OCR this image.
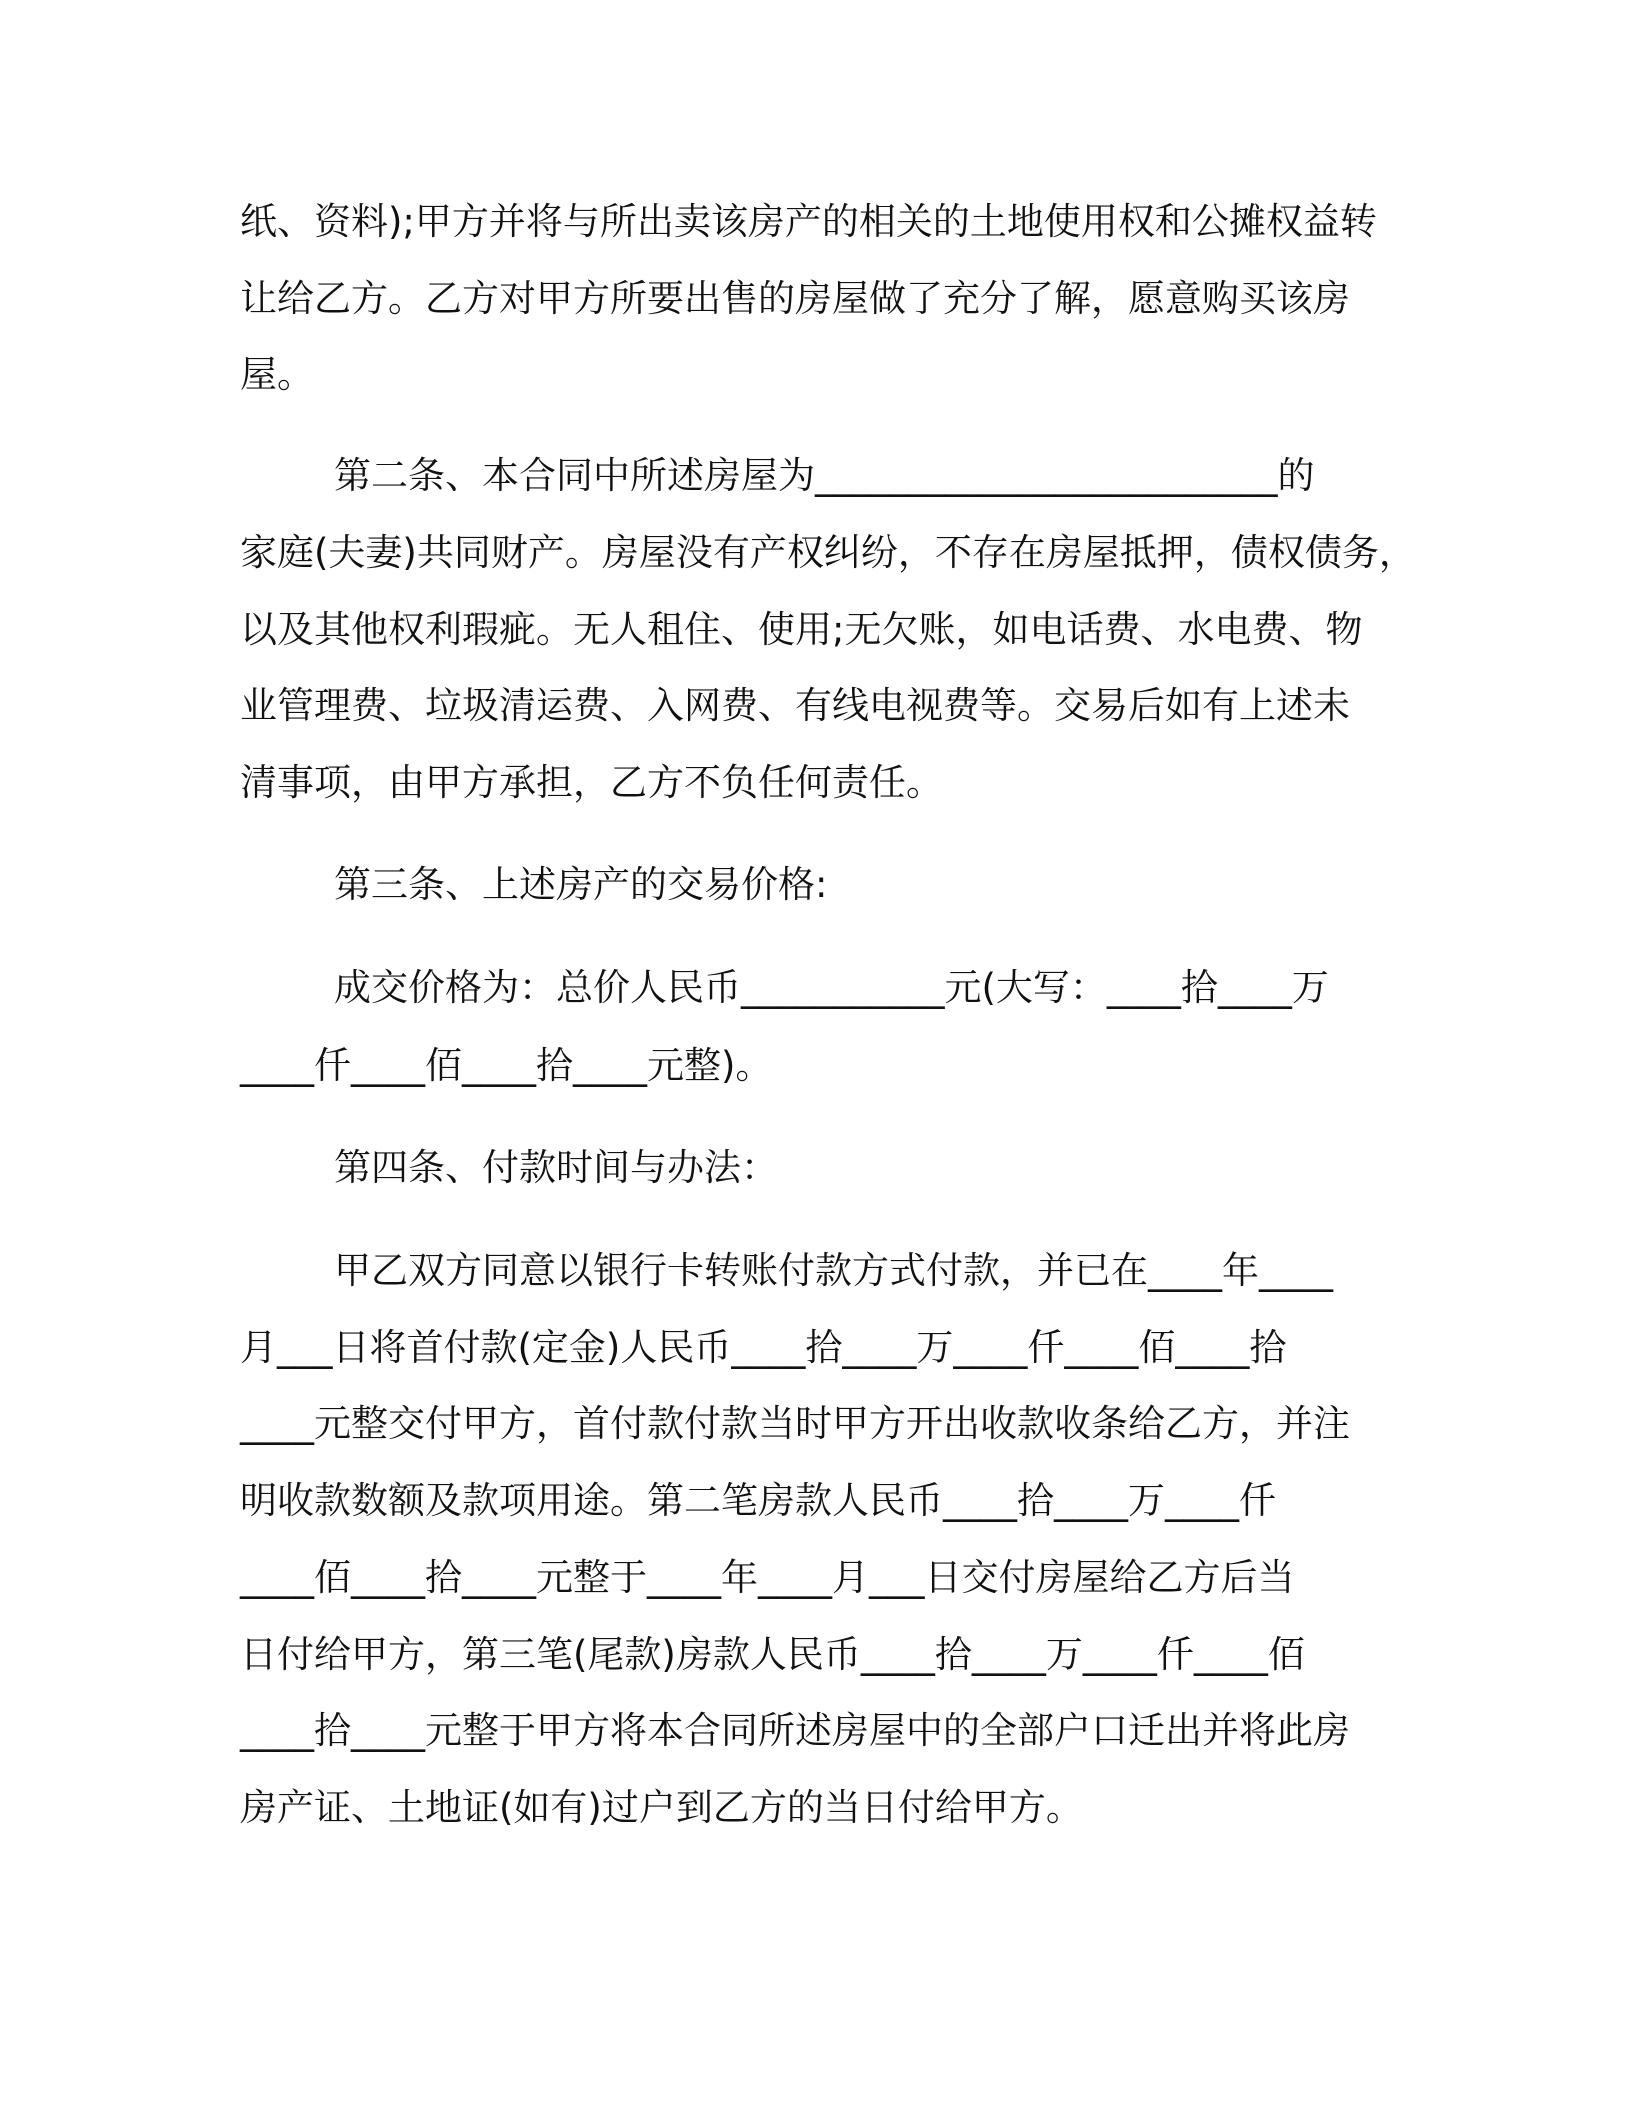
纸、资料);甲方并将与所出卖该房产的相关的土地使用权和公摊权益转
让给乙方。乙方对甲方所要出售的房屋做了充分了解，愿意购买该房
屋。
第二条、本合同中所述房屋为_________________________的
家庭(夫妻)共同财产。房屋没有产权纠纷，不存在房屋抵押，债权债务，
以及其他权利瑕疵。无人租住、使用;无欠账，如电话费、水电费、物
业管理费、垃圾清运费、入网费、有线电视费等。交易后如有上述未
清事项，由甲方承担，乙方不负任何责任。
第三条、上述房产的交易价格:
成交价格为：总价人民币___________元(大写：____拾____万
____仟____佰____拾____元整)。
第四条、付款时间与办法：
甲乙双方同意以银行卡转账付款方式付款，并已在____年____
月___日将首付款(定金)人民币____拾____万____仟____佰____拾
____元整交付甲方，首付款付款当时甲方开出收款收条给乙方，并注
明收款数额及款项用途。第二笔房款人民币____拾____万____仟
____佰____拾____元整于____年____月___日交付房屋给乙方后当
日付给甲方，第三笔(尾款)房款人民币____拾____万____仟____佰
____拾____元整于甲方将本合同所述房屋中的全部户口迁出并将此房
房产证、土地证(如有)过户到乙方的当日付给甲方。
